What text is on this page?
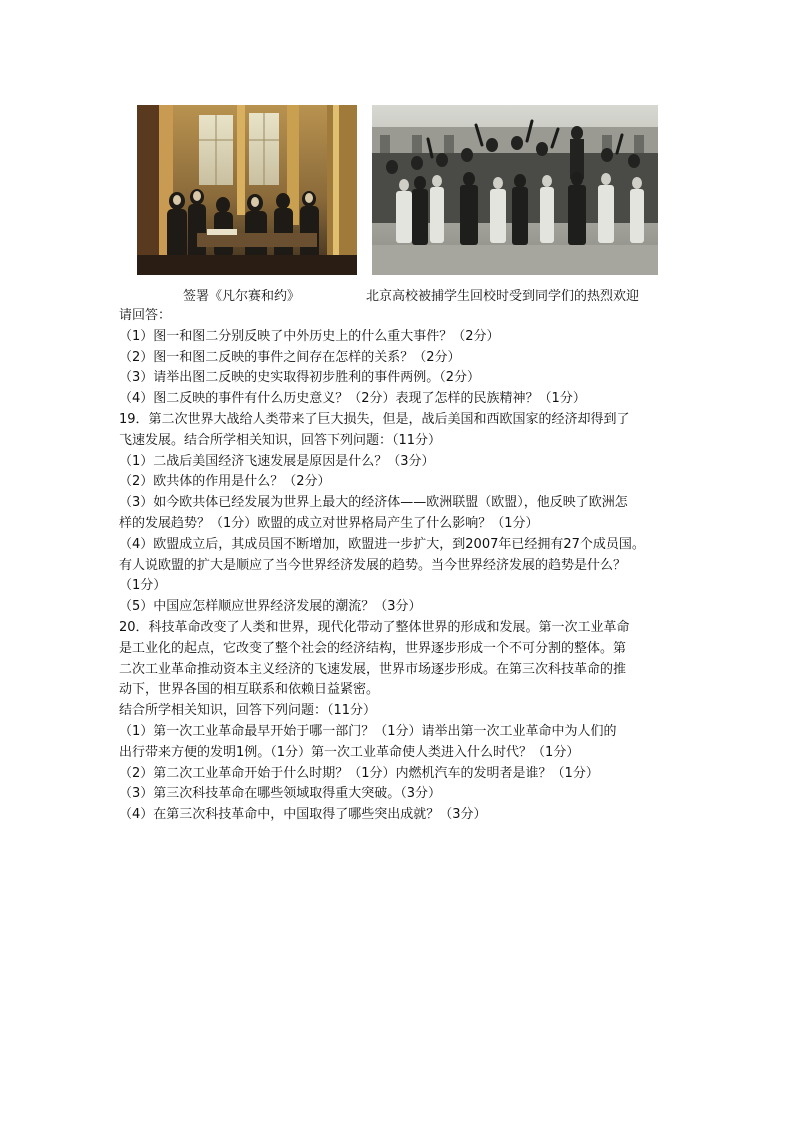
签署《凡尔赛和约》	北京高校被捕学生回校时受到同学们的热烈欢迎
请回答：
（1）图一和图二分别反映了中外历史上的什么重大事件？（2分）
（2）图一和图二反映的事件之间存在怎样的关系？（2分）
（3）请举出图二反映的史实取得初步胜利的事件两例。（2分）
（4）图二反映的事件有什么历史意义？（2分）表现了怎样的民族精神？（1分）
19．第二次世界大战给人类带来了巨大损失，但是，战后美国和西欧国家的经济却得到了
飞速发展。结合所学相关知识，回答下列问题：（11分）
（1）二战后美国经济飞速发展是原因是什么？（3分）
（2）欧共体的作用是什么？（2分）
（3）如今欧共体已经发展为世界上最大的经济体——欧洲联盟（欧盟），他反映了欧洲怎
样的发展趋势？（1分）欧盟的成立对世界格局产生了什么影响？（1分）
（4）欧盟成立后，其成员国不断增加，欧盟进一步扩大，到2007年已经拥有27个成员国。
有人说欧盟的扩大是顺应了当今世界经济发展的趋势。当今世界经济发展的趋势是什么？
（1分）
（5）中国应怎样顺应世界经济发展的潮流？（3分）
20．科技革命改变了人类和世界，现代化带动了整体世界的形成和发展。第一次工业革命
是工业化的起点，它改变了整个社会的经济结构，世界逐步形成一个不可分割的整体。第
二次工业革命推动资本主义经济的飞速发展，世界市场逐步形成。在第三次科技革命的推
动下，世界各国的相互联系和依赖日益紧密。
结合所学相关知识，回答下列问题：（11分）
（1）第一次工业革命最早开始于哪一部门？（1分）请举出第一次工业革命中为人们的
出行带来方便的发明1例。（1分）第一次工业革命使人类进入什么时代？（1分）
（2）第二次工业革命开始于什么时期？（1分）内燃机汽车的发明者是谁？（1分）
（3）第三次科技革命在哪些领域取得重大突破。（3分）
（4）在第三次科技革命中，中国取得了哪些突出成就？（3分）
